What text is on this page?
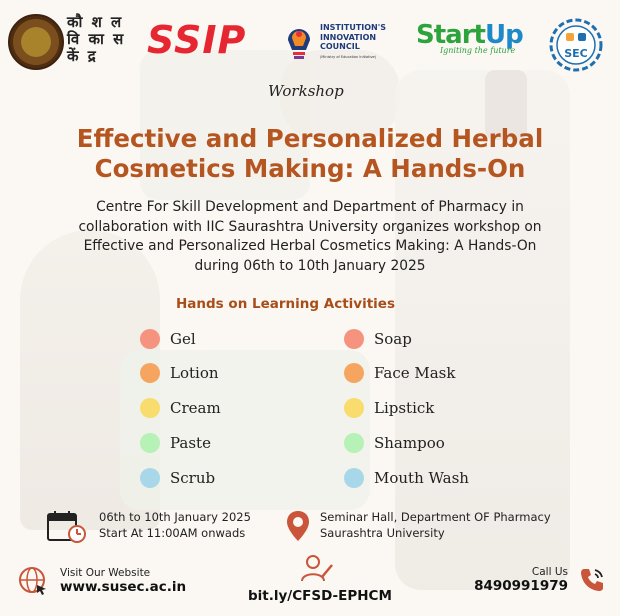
कौ श ल
वि का स
कें द्र	SSIP	INSTITUTION'S
INNOVATION
COUNCIL
(Ministry of Education Initiative)
StartUp
Igniting the future	SEC
Workshop
Effective and Personalized Herbal
Cosmetics Making: A Hands-On
Centre For Skill Development and Department of Pharmacy in
collaboration with IIC Saurashtra University organizes workshop on
Effective and Personalized Herbal Cosmetics Making: A Hands-On
during 06th to 10th January 2025
Hands on Learning Activities
Gel
Lotion
Cream
Paste
Scrub
Soap
Face Mask
Lipstick
Shampoo
Mouth Wash
06th to 10th January 2025
Start At 11:00AM onwads
Seminar Hall, Department OF Pharmacy
Saurashtra University
Visit Our Website
www.susec.ac.in
bit.ly/CFSD-EPHCM
Call Us
8490991979
